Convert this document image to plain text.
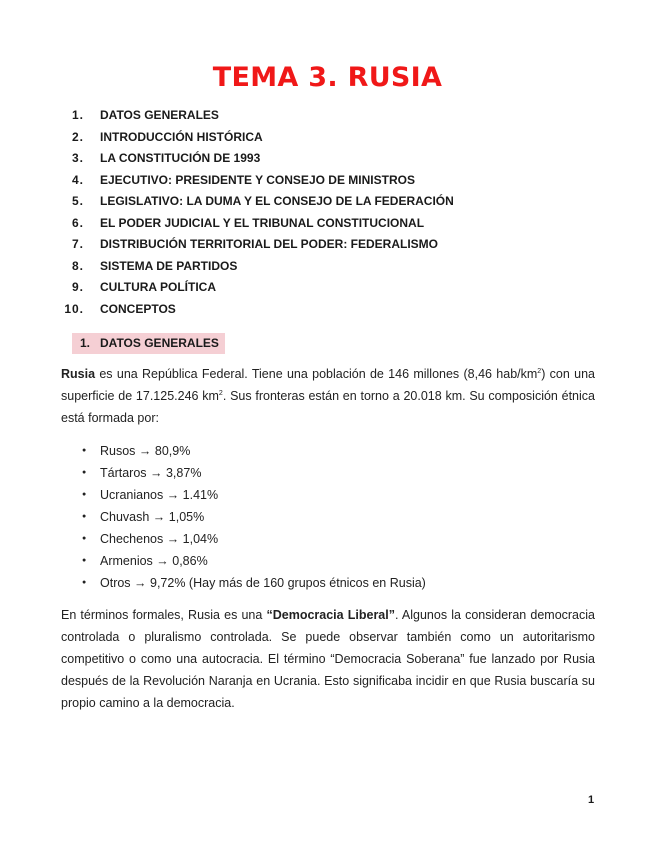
TEMA 3. RUSIA
1. DATOS GENERALES
2. INTRODUCCIÓN HISTÓRICA
3. LA CONSTITUCIÓN DE 1993
4. EJECUTIVO: PRESIDENTE Y CONSEJO DE MINISTROS
5. LEGISLATIVO: LA DUMA Y EL CONSEJO DE LA FEDERACIÓN
6. EL PODER JUDICIAL Y EL TRIBUNAL CONSTITUCIONAL
7. DISTRIBUCIÓN TERRITORIAL DEL PODER: FEDERALISMO
8. SISTEMA DE PARTIDOS
9. CULTURA POLÍTICA
10. CONCEPTOS
1. DATOS GENERALES
Rusia es una República Federal. Tiene una población de 146 millones (8,46 hab/$km^2$) con una superficie de 17.125.246 $km^2$. Sus fronteras están en torno a 20.018 km. Su composición étnica está formada por:
● Rusos → 80,9%
● Tártaros → 3,87%
● Ucranianos → 1.41%
● Chuvash → 1,05%
● Chechenos → 1,04%
● Armenios → 0,86%
● Otros → 9,72% (Hay más de 160 grupos étnicos en Rusia)
En términos formales, Rusia es una “Democracia Liberal”. Algunos la consideran democracia controlada o pluralismo controlada. Se puede observar también como un autoritarismo competitivo o como una autocracia. El término “Democracia Soberana” fue lanzado por Rusia después de la Revolución Naranja en Ucrania. Esto significaba incidir en que Rusia buscaría su propio camino a la democracia.
1
